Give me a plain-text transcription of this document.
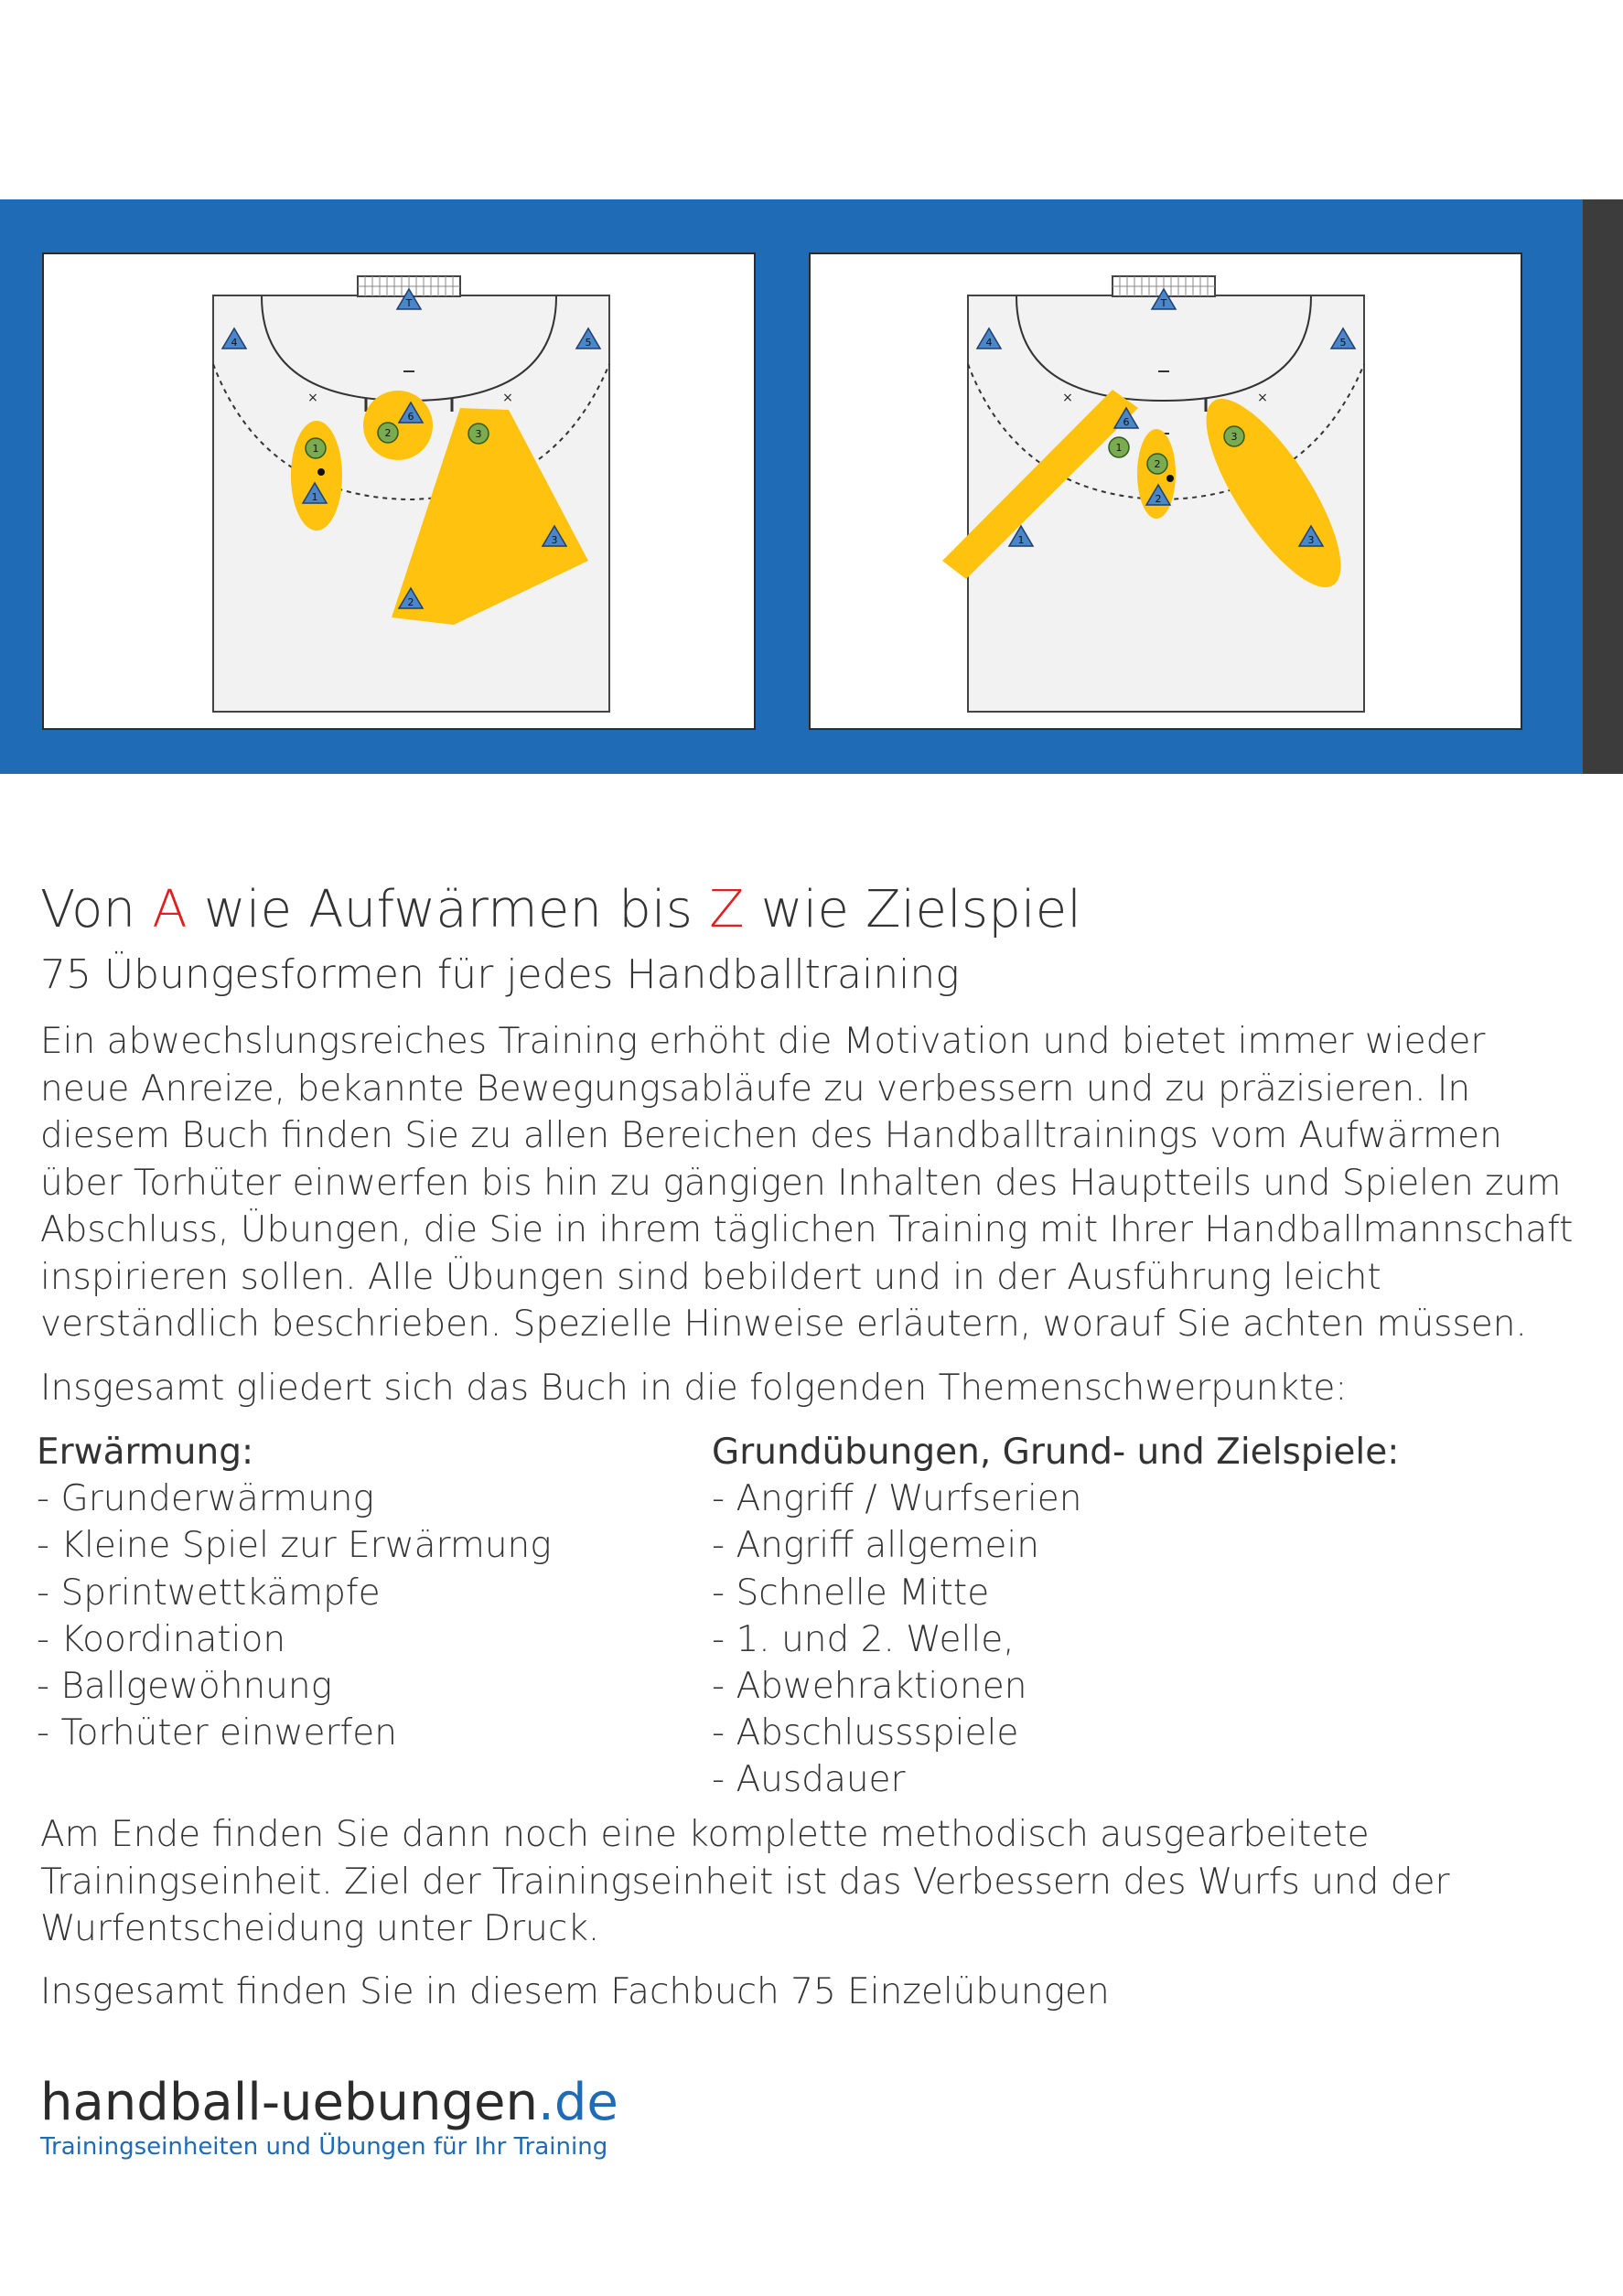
×	×
T
4	5
6
1
2
3
1
2	3
×	×
T
4	5
6
1
2
3
1
2
3
Von A wie Aufwärmen bis Z wie Zielspiel
75 Übungesformen für jedes Handballtraining

Ein abwechslungsreiches Training erhöht die Motivation und bietet immer wieder neue Anreize, bekannte Bewegungsabläufe zu verbessern und zu präzisieren. In diesem Buch finden Sie zu allen Bereichen des Handballtrainings vom Aufwärmen über Torhüter einwerfen bis hin zu gängigen Inhalten des Hauptteils und Spielen zum Abschluss, Übungen, die Sie in ihrem täglichen Training mit Ihrer Handballmannschaft inspirieren sollen. Alle Übungen sind bebildert und in der Ausführung leicht verständlich beschrieben. Spezielle Hinweise erläutern, worauf Sie achten müssen.

Insgesamt gliedert sich das Buch in die folgenden Themenschwerpunkte:

Erwärmung:
- Grunderwärmung
- Kleine Spiel zur Erwärmung
- Sprintwettkämpfe
- Koordination
- Ballgewöhnung
- Torhüter einwerfen
Grundübungen, Grund- und Zielspiele:
- Angriff / Wurfserien
- Angriff allgemein
- Schnelle Mitte
- 1. und 2. Welle,
- Abwehraktionen
- Abschlussspiele
- Ausdauer

Am Ende finden Sie dann noch eine komplette methodisch ausgearbeitete Trainingseinheit. Ziel der Trainingseinheit ist das Verbessern des Wurfs und der Wurfentscheidung unter Druck.

Insgesamt finden Sie in diesem Fachbuch 75 Einzelübungen

handball-uebungen.de
Trainingseinheiten und Übungen für Ihr Training
